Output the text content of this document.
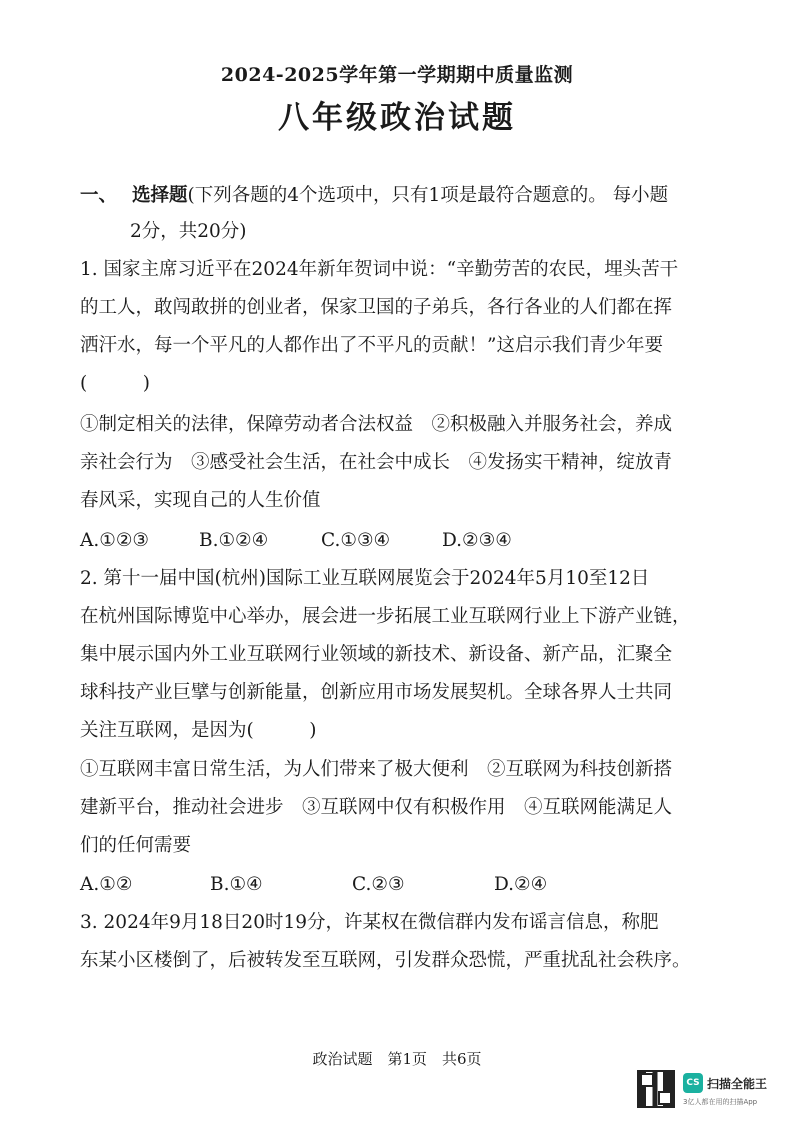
2024-2025学年第一学期期中质量监测
八年级政治试题
一、 选择题(下列各题的4个选项中，只有1项是最符合题意的。 每小题
2分，共20分)
1. 国家主席习近平在2024年新年贺词中说：“辛勤劳苦的农民，埋头苦干
的工人，敢闯敢拼的创业者，保家卫国的子弟兵，各行各业的人们都在挥
洒汗水，每一个平凡的人都作出了不平凡的贡献！”这启示我们青少年要
(　　　)
①制定相关的法律，保障劳动者合法权益　②积极融入并服务社会，养成
亲社会行为　③感受社会生活，在社会中成长　④发扬实干精神，绽放青
春风采，实现自己的人生价值
A.①②③	B.①②④	C.①③④	D.②③④
2. 第十一届中国(杭州)国际工业互联网展览会于2024年5月10至12日
在杭州国际博览中心举办，展会进一步拓展工业互联网行业上下游产业链，
集中展示国内外工业互联网行业领域的新技术、新设备、新产品，汇聚全
球科技产业巨擘与创新能量，创新应用市场发展契机。全球各界人士共同
关注互联网，是因为(　　　)
①互联网丰富日常生活，为人们带来了极大便利　②互联网为科技创新搭
建新平台，推动社会进步　③互联网中仅有积极作用　④互联网能满足人
们的任何需要
A.①②	B.①④	C.②③	D.②④
3. 2024年9月18日20时19分，许某权在微信群内发布谣言信息，称肥
东某小区楼倒了，后被转发至互联网，引发群众恐慌，严重扰乱社会秩序。
政治试题　第1页　共6页
CS 扫描全能王
3亿人都在用的扫描App
